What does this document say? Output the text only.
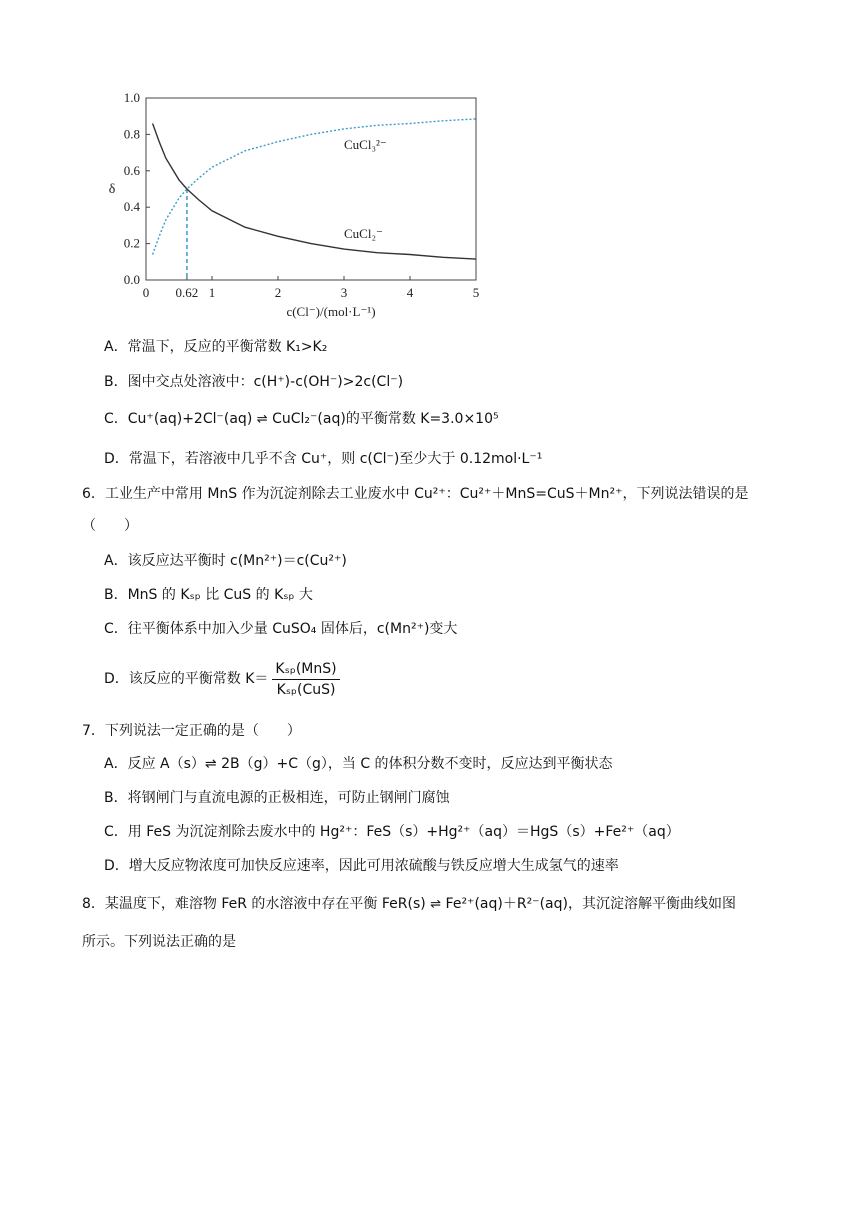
0.0
0.2
0.4
0.6
0.8
1.0
0 0.62 1	2	3	4	5
c(Cl⁻)/(mol·L⁻¹)
δ
CuCl₃²⁻
CuCl₂⁻
A．常温下，反应的平衡常数 K₁>K₂
B．图中交点处溶液中：c(H⁺)-c(OH⁻)>2c(Cl⁻)
C．Cu⁺(aq)+2Cl⁻(aq) ⇌ CuCl₂⁻(aq)的平衡常数 K=3.0×10⁵
D．常温下，若溶液中几乎不含 Cu⁺，则 c(Cl⁻)至少大于 0.12mol·L⁻¹
6．工业生产中常用 MnS 作为沉淀剂除去工业废水中 Cu²⁺：Cu²⁺＋MnS=CuS＋Mn²⁺，下列说法错误的是
（　　）
A．该反应达平衡时 c(Mn²⁺)＝c(Cu²⁺)
B．MnS 的 Kₛₚ 比 CuS 的 Kₛₚ 大
C．往平衡体系中加入少量 CuSO₄ 固体后，c(Mn²⁺)变大
D．该反应的平衡常数 $K= \frac{\text{Kₛₚ(MnS)}}{\text{Kₛₚ(CuS)}}$
7．下列说法一定正确的是（　　）
A．反应 A（s）⇌ 2B（g）+C（g），当 C 的体积分数不变时，反应达到平衡状态
B．将钢闸门与直流电源的正极相连，可防止钢闸门腐蚀
C．用 FeS 为沉淀剂除去废水中的 Hg²⁺：FeS（s）+Hg²⁺（aq）＝HgS（s）+Fe²⁺（aq）
D．增大反应物浓度可加快反应速率，因此可用浓硫酸与铁反应增大生成氢气的速率
8．某温度下，难溶物 FeR 的水溶液中存在平衡 FeR(s) ⇌ Fe²⁺(aq)＋R²⁻(aq)，其沉淀溶解平衡曲线如图
所示。下列说法正确的是
